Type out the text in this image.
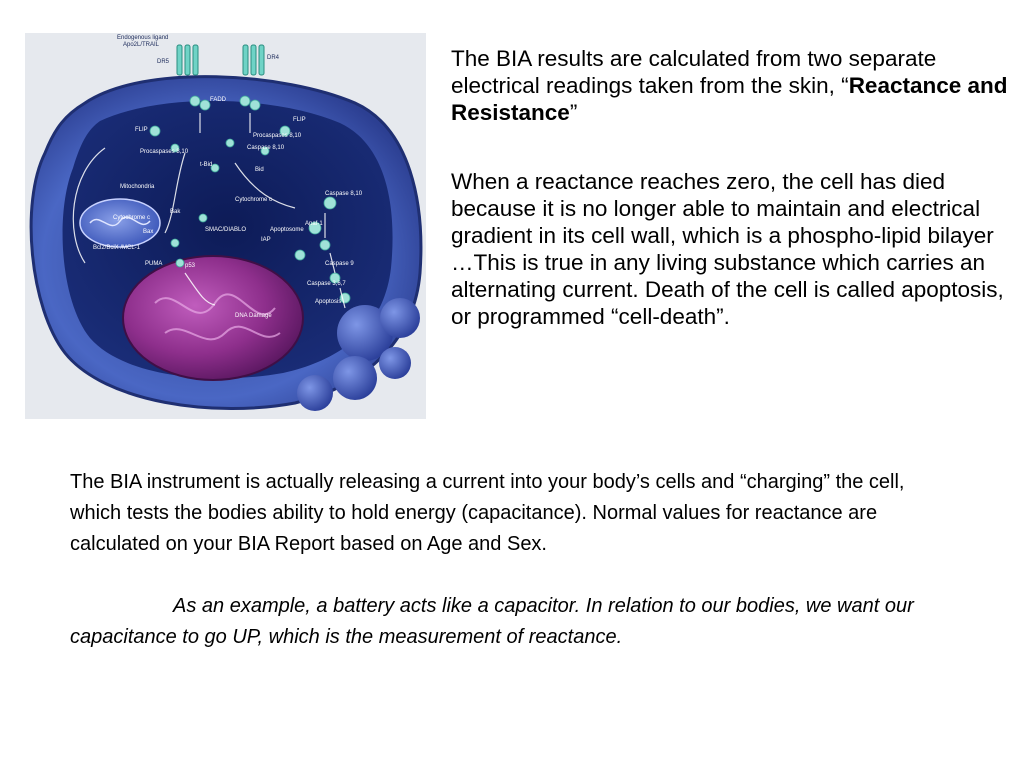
Endogenous ligand
Apo2L/TRAIL
DR5
DR4
FADD
FLIP
FLIP
Procaspases 8,10
Procaspases 8,10
Caspase 8,10
Bid
t-Bid
Mitochondria
Cytochrome c
Caspase 8,10
Bak
Cytochrome c
Apaf-1
Bax	SMAC/DIABLO	Apoptosome
Bcl2/BclX /MCL-1
IAP
Caspase 9
PUMA	p53
Caspase 3,6,7
Apoptosis
DNA Damage

The BIA results are calculated from two separate electrical readings taken from the skin, “Reactance and Resistance”

When a reactance reaches zero, the cell has died because it is no longer able to maintain and electrical gradient in its cell wall, which is a phospho-lipid bilayer …This is true in any living substance which carries an alternating current. Death of the cell is called apoptosis, or programmed “cell-death”.

The BIA instrument is actually releasing a current into your body’s cells and “charging” the cell, which tests the bodies ability to hold energy (capacitance). Normal values for reactance are calculated on your BIA Report based on Age and Sex.

As an example, a battery acts like a capacitor. In relation to our bodies, we want our capacitance to go UP, which is the measurement of reactance.
